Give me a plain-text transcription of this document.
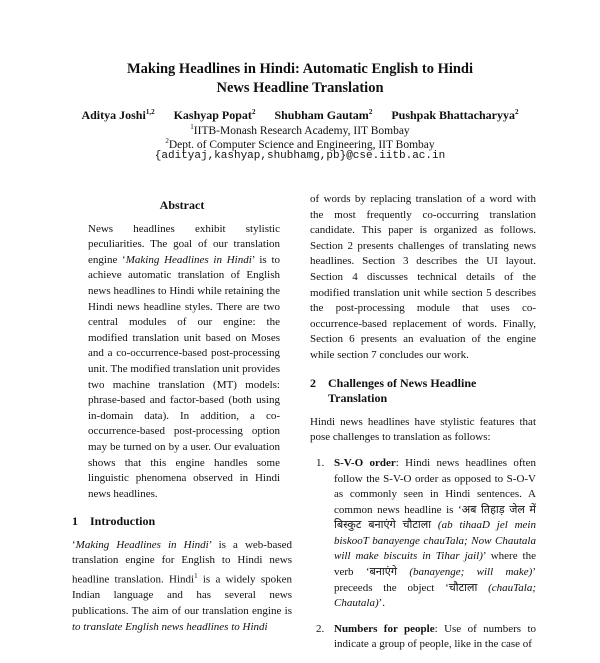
Making Headlines in Hindi: Automatic English to Hindi
News Headline Translation
Aditya Joshi$^{1,2}$ Kashyap Popat$^2$ Shubham Gautam$^2$ Pushpak Bhattacharyya$^2$
$^1$IITB-Monash Research Academy, IIT Bombay
$^2$Dept. of Computer Science and Engineering, IIT Bombay
{adityaj,kashyap,shubhamg,pb}@cse.iitb.ac.in
Abstract

News headlines exhibit stylistic peculiarities. The goal of our translation engine ‘Making Headlines in Hindi’ is to achieve automatic translation of English news headlines to Hindi while retaining the Hindi news headline styles. There are two central modules of our engine: the modified translation unit based on Moses and a co-occurrence-based post-processing unit. The modified translation unit provides two machine translation (MT) models: phrase-based and factor-based (both using in-domain data). In addition, a co-occurrence-based post-processing option may be turned on by a user. Our evaluation shows that this engine handles some linguistic phenomena observed in Hindi news headlines.

1 Introduction

‘Making Headlines in Hindi’ is a web-based translation engine for English to Hindi news headline translation. Hindi$^1$ is a widely spoken Indian language and has several news publications. The aim of our translation engine is to translate English news headlines to Hindi

of words by replacing translation of a word with the most frequently co-occurring translation candidate. This paper is organized as follows. Section 2 presents challenges of translating news headlines. Section 3 describes the UI layout. Section 4 discusses technical details of the modified translation unit while section 5 describes the post-processing module that uses co-occurrence-based replacement of words. Finally, Section 6 presents an evaluation of the engine while section 7 concludes our work.

2	Challenges of News Headline
Translation

Hindi news headlines have stylistic features that pose challenges to translation as follows:

1. S-V-O order: Hindi news headlines often follow the S-V-O order as opposed to S-O-V as commonly seen in Hindi sentences. A common news headline is ‘अब तिहाड़ जेल में बिस्कुट बनाएंगे चौटाला (ab tihaaD jel mein biskooT banayenge chauTala; Now Chautala will make biscuits in Tihar jail)’ where the verb ‘बनाएंगे (banayenge; will make)’ preceeds the object ‘चौटाला (chauTala; Chautala)’.
2. Numbers for people: Use of numbers to indicate a group of people, like in the case of
